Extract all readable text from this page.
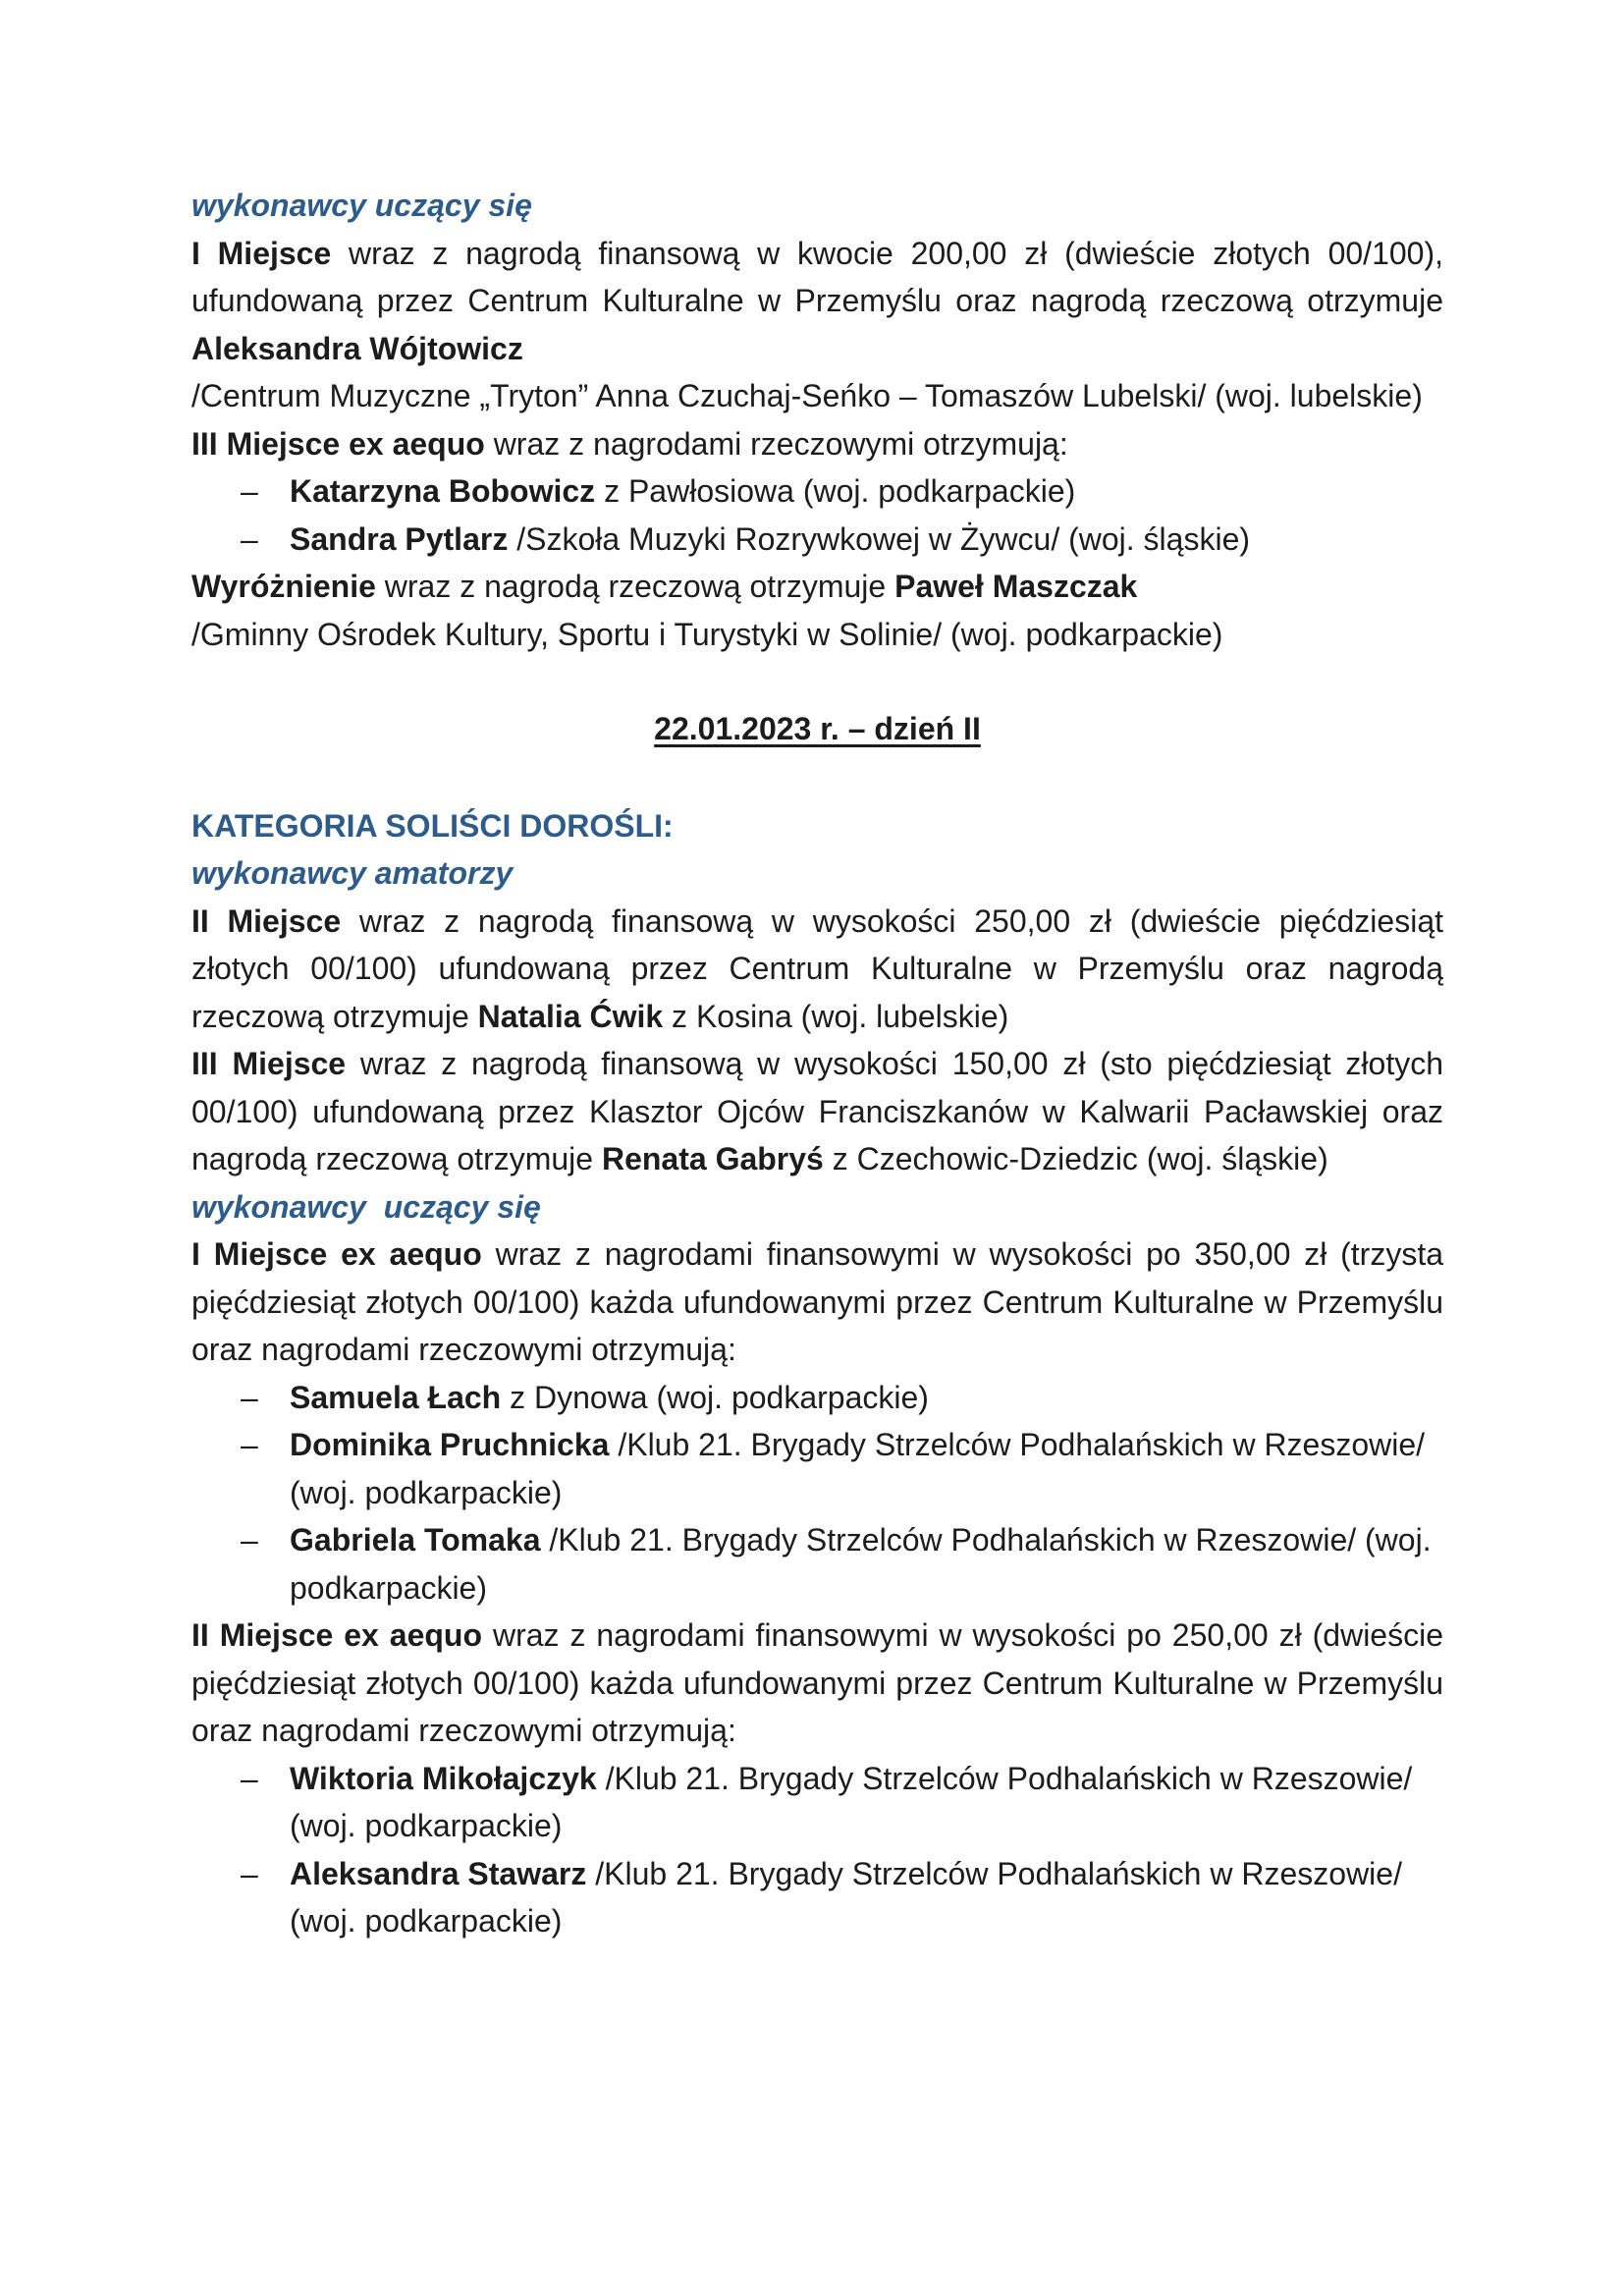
wykonawcy uczący się

I Miejsce wraz z nagrodą finansową w kwocie 200,00 zł (dwieście złotych 00/100), ufundowaną przez Centrum Kulturalne w Przemyślu oraz nagrodą rzeczową otrzymuje Aleksandra Wójtowicz

/Centrum Muzyczne „Tryton” Anna Czuchaj-Seńko – Tomaszów Lubelski/ (woj. lubelskie)

III Miejsce ex aequo wraz z nagrodami rzeczowymi otrzymują:

– Katarzyna Bobowicz z Pawłosiowa (woj. podkarpackie)
– Sandra Pytlarz /Szkoła Muzyki Rozrywkowej w Żywcu/ (woj. śląskie)

Wyróżnienie wraz z nagrodą rzeczową otrzymuje Paweł Maszczak

/Gminny Ośrodek Kultury, Sportu i Turystyki w Solinie/ (woj. podkarpackie)

22.01.2023 r. – dzień II

KATEGORIA SOLIŚCI DOROŚLI:

wykonawcy amatorzy

II Miejsce wraz z nagrodą finansową w wysokości 250,00 zł (dwieście pięćdziesiąt złotych 00/100) ufundowaną przez Centrum Kulturalne w Przemyślu oraz nagrodą rzeczową otrzymuje Natalia Ćwik z Kosina (woj. lubelskie)

III Miejsce wraz z nagrodą finansową w wysokości 150,00 zł (sto pięćdziesiąt złotych 00/100) ufundowaną przez Klasztor Ojców Franciszkanów w Kalwarii Pacławskiej oraz nagrodą rzeczową otrzymuje Renata Gabryś z Czechowic-Dziedzic (woj. śląskie)

wykonawcy  uczący się

I Miejsce ex aequo wraz z nagrodami finansowymi w wysokości po 350,00 zł (trzysta pięćdziesiąt złotych 00/100) każda ufundowanymi przez Centrum Kulturalne w Przemyślu oraz nagrodami rzeczowymi otrzymują:

– Samuela Łach z Dynowa (woj. podkarpackie)
– Dominika Pruchnicka /Klub 21. Brygady Strzelców Podhalańskich w Rzeszowie/ (woj. podkarpackie)
– Gabriela Tomaka /Klub 21. Brygady Strzelców Podhalańskich w Rzeszowie/ (woj. podkarpackie)

II Miejsce ex aequo wraz z nagrodami finansowymi w wysokości po 250,00 zł (dwieście pięćdziesiąt złotych 00/100) każda ufundowanymi przez Centrum Kulturalne w Przemyślu oraz nagrodami rzeczowymi otrzymują:

– Wiktoria Mikołajczyk /Klub 21. Brygady Strzelców Podhalańskich w Rzeszowie/ (woj. podkarpackie)
– Aleksandra Stawarz /Klub 21. Brygady Strzelców Podhalańskich w Rzeszowie/ (woj. podkarpackie)
